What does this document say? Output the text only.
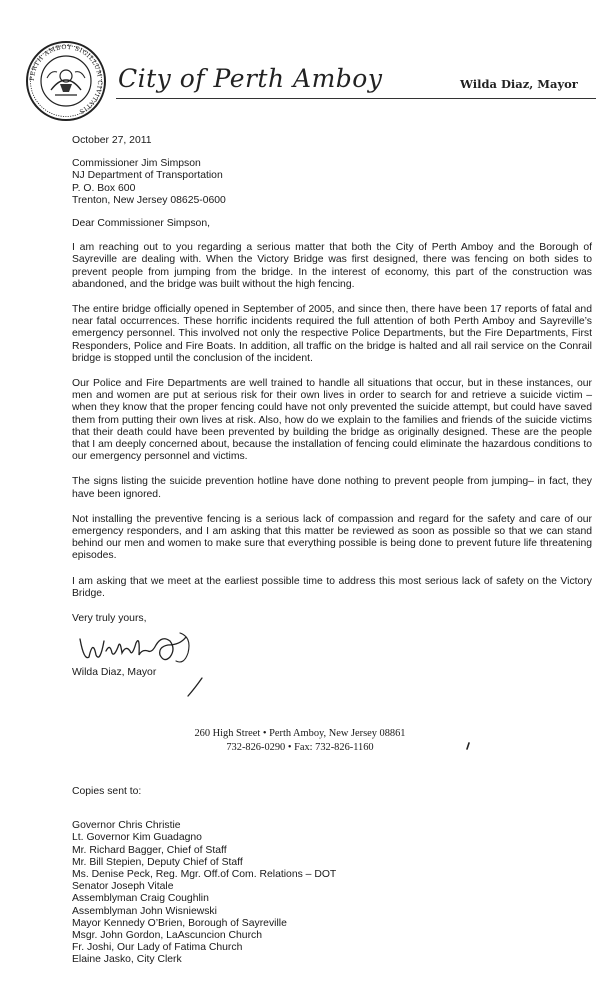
PERTH AMBOY SIGILLUM CIVITATIS
City of Perth Amboy	Wilda Diaz, Mayor

October 27, 2011

Commissioner Jim Simpson
NJ Department of Transportation
P. O. Box 600
Trenton, New Jersey 08625-0600

Dear Commissioner Simpson,

I am reaching out to you regarding a serious matter that both the City of Perth Amboy and the Borough of Sayreville are dealing with. When the Victory Bridge was first designed, there was fencing on both sides to prevent people from jumping from the bridge. In the interest of economy, this part of the construction was abandoned, and the bridge was built without the high fencing.

The entire bridge officially opened in September of 2005, and since then, there have been 17 reports of fatal and near fatal occurrences. These horrific incidents required the full attention of both Perth Amboy and Sayreville’s emergency personnel. This involved not only the respective Police Departments, but the Fire Departments, First Responders, Police and Fire Boats. In addition, all traffic on the bridge is halted and all rail service on the Conrail bridge is stopped until the conclusion of the incident.

Our Police and Fire Departments are well trained to handle all situations that occur, but in these instances, our men and women are put at serious risk for their own lives in order to search for and retrieve a suicide victim – when they know that the proper fencing could have not only prevented the suicide attempt, but could have saved them from putting their own lives at risk. Also, how do we explain to the families and friends of the suicide victims that their death could have been prevented by building the bridge as originally designed. These are the people that I am deeply concerned about, because the installation of fencing could eliminate the hazardous conditions to our emergency personnel and victims.

The signs listing the suicide prevention hotline have done nothing to prevent people from jumping– in fact, they have been ignored.

Not installing the preventive fencing is a serious lack of compassion and regard for the safety and care of our emergency responders, and I am asking that this matter be reviewed as soon as possible so that we can stand behind our men and women to make sure that everything possible is being done to prevent future life threatening episodes.

I am asking that we meet at the earliest possible time to address this most serious lack of safety on the Victory Bridge.

Very truly yours,

Wilda Diaz, Mayor

260 High Street • Perth Amboy, New Jersey 08861
732-826-0290 • Fax: 732-826-1160

Copies sent to:

Governor Chris Christie
Lt. Governor Kim Guadagno
Mr. Richard Bagger, Chief of Staff
Mr. Bill Stepien, Deputy Chief of Staff
Ms. Denise Peck, Reg. Mgr. Off.of Com. Relations – DOT
Senator Joseph Vitale
Assemblyman Craig Coughlin
Assemblyman John Wisniewski
Mayor Kennedy O’Brien, Borough of Sayreville
Msgr. John Gordon, LaAscuncion Church
Fr. Joshi, Our Lady of Fatima Church
Elaine Jasko, City Clerk
